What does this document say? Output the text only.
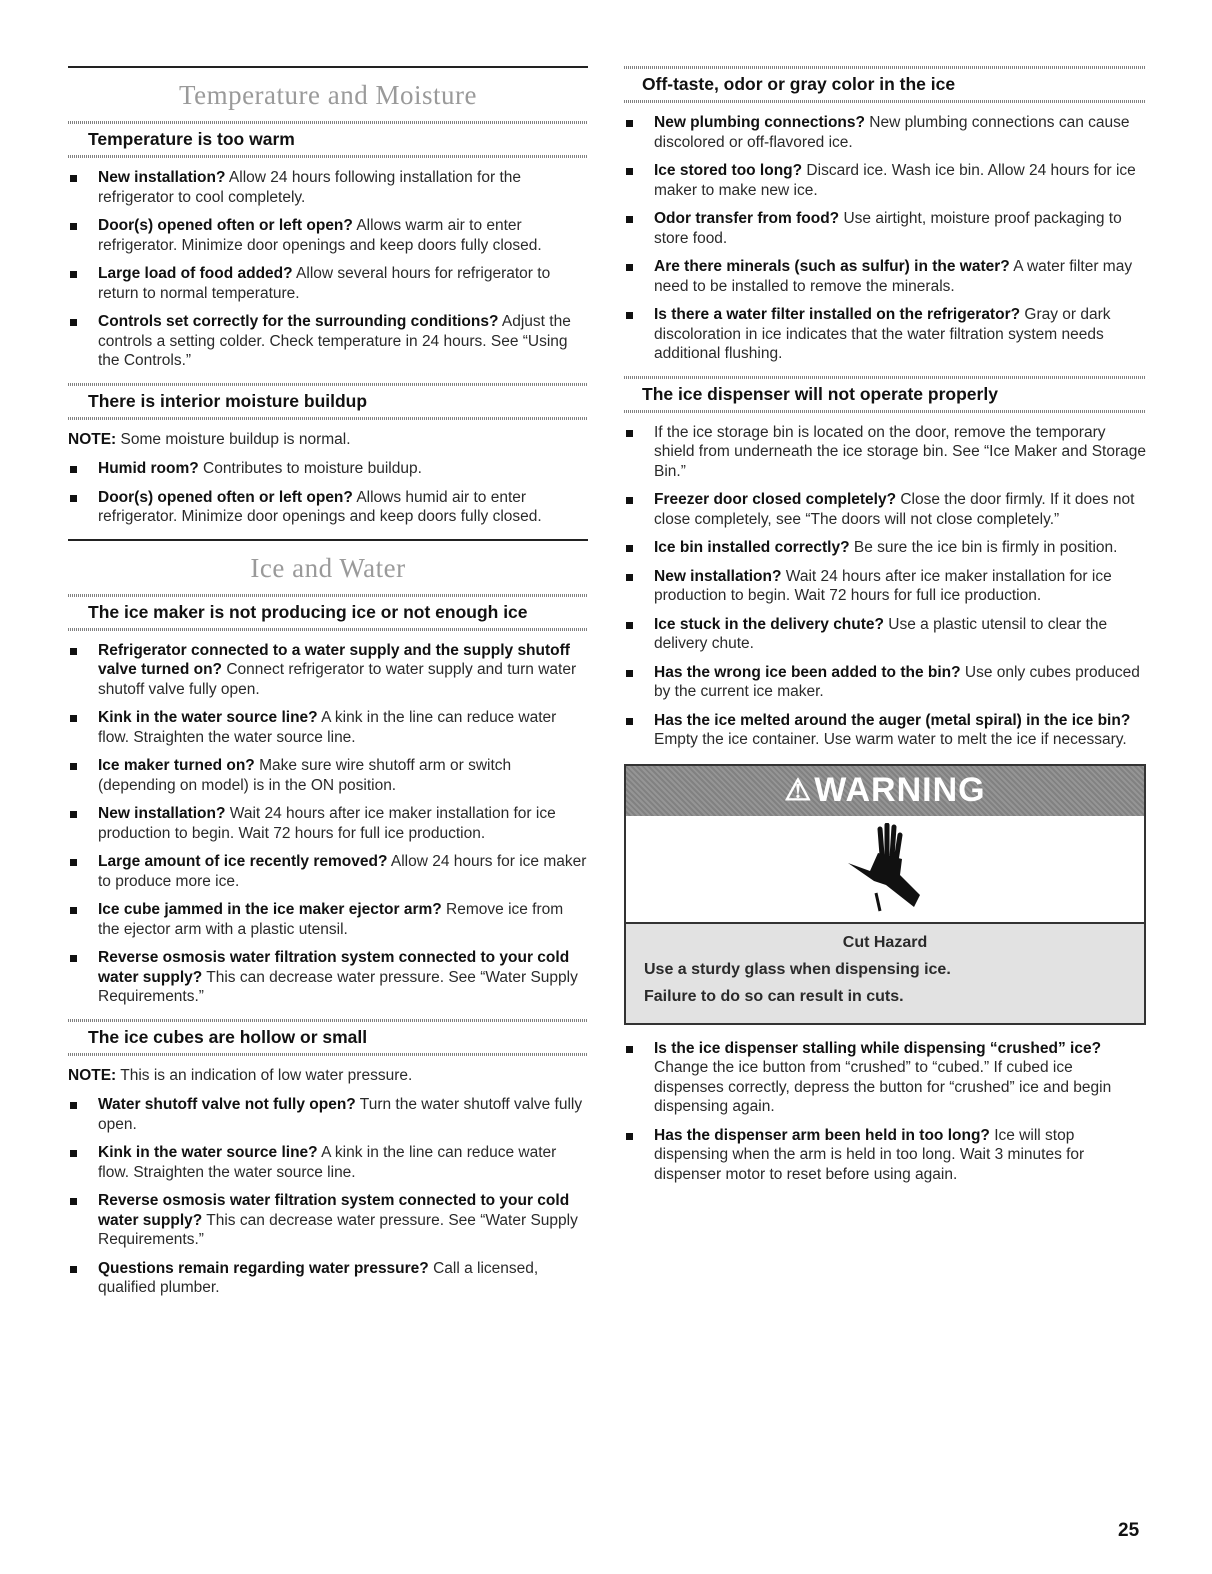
Temperature and Moisture
Temperature is too warm
New installation? Allow 24 hours following installation for the refrigerator to cool completely.
Door(s) opened often or left open? Allows warm air to enter refrigerator. Minimize door openings and keep doors fully closed.
Large load of food added? Allow several hours for refrigerator to return to normal temperature.
Controls set correctly for the surrounding conditions? Adjust the controls a setting colder. Check temperature in 24 hours. See “Using the Controls.”
There is interior moisture buildup

NOTE: Some moisture buildup is normal.

Humid room? Contributes to moisture buildup.
Door(s) opened often or left open? Allows humid air to enter refrigerator. Minimize door openings and keep doors fully closed.
Ice and Water
The ice maker is not producing ice or not enough ice
Refrigerator connected to a water supply and the supply shutoff valve turned on? Connect refrigerator to water supply and turn water shutoff valve fully open.
Kink in the water source line? A kink in the line can reduce water flow. Straighten the water source line.
Ice maker turned on? Make sure wire shutoff arm or switch (depending on model) is in the ON position.
New installation? Wait 24 hours after ice maker installation for ice production to begin. Wait 72 hours for full ice production.
Large amount of ice recently removed? Allow 24 hours for ice maker to produce more ice.
Ice cube jammed in the ice maker ejector arm? Remove ice from the ejector arm with a plastic utensil.
Reverse osmosis water filtration system connected to your cold water supply? This can decrease water pressure. See “Water Supply Requirements.”
The ice cubes are hollow or small

NOTE: This is an indication of low water pressure.

Water shutoff valve not fully open? Turn the water shutoff valve fully open.
Kink in the water source line? A kink in the line can reduce water flow. Straighten the water source line.
Reverse osmosis water filtration system connected to your cold water supply? This can decrease water pressure. See “Water Supply Requirements.”
Questions remain regarding water pressure? Call a licensed, qualified plumber.
Off-taste, odor or gray color in the ice
New plumbing connections? New plumbing connections can cause discolored or off-flavored ice.
Ice stored too long? Discard ice. Wash ice bin. Allow 24 hours for ice maker to make new ice.
Odor transfer from food? Use airtight, moisture proof packaging to store food.
Are there minerals (such as sulfur) in the water? A water filter may need to be installed to remove the minerals.
Is there a water filter installed on the refrigerator? Gray or dark discoloration in ice indicates that the water filtration system needs additional flushing.
The ice dispenser will not operate properly
If the ice storage bin is located on the door, remove the temporary shield from underneath the ice storage bin. See “Ice Maker and Storage Bin.”
Freezer door closed completely? Close the door firmly. If it does not close completely, see “The doors will not close completely.”
Ice bin installed correctly? Be sure the ice bin is firmly in position.
New installation? Wait 24 hours after ice maker installation for ice production to begin. Wait 72 hours for full ice production.
Ice stuck in the delivery chute? Use a plastic utensil to clear the delivery chute.
Has the wrong ice been added to the bin? Use only cubes produced by the current ice maker.
Has the ice melted around the auger (metal spiral) in the ice bin? Empty the ice container. Use warm water to melt the ice if necessary.
⚠ WARNING
Cut Hazard

Use a sturdy glass when dispensing ice.

Failure to do so can result in cuts.

Is the ice dispenser stalling while dispensing “crushed” ice? Change the ice button from “crushed” to “cubed.” If cubed ice dispenses correctly, depress the button for “crushed” ice and begin dispensing again.
Has the dispenser arm been held in too long? Ice will stop dispensing when the arm is held in too long. Wait 3 minutes for dispenser motor to reset before using again.
25
